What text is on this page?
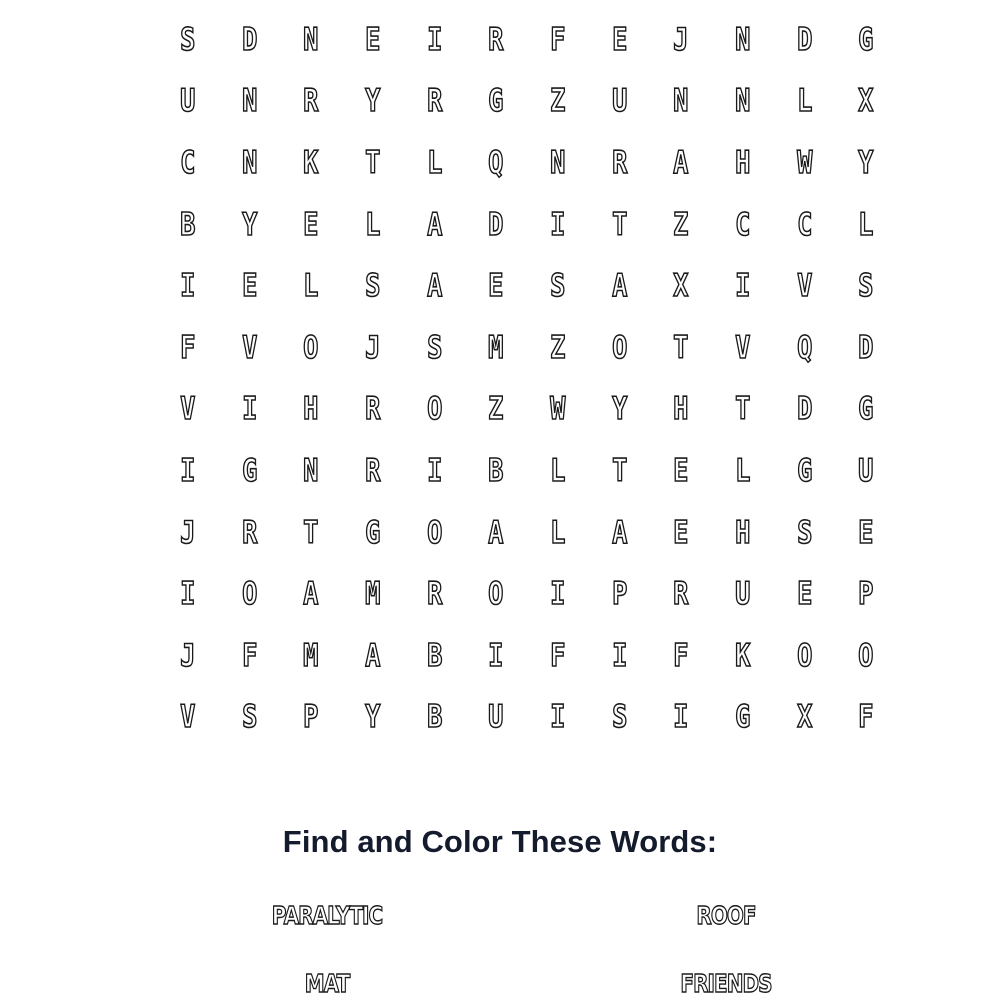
S	D	N	E	I	R	F	E	J	N	D	G
U	N	R	Y	R	G	Z	U	N	N	L	X
C	N	K	T	L	Q	N	R	A	H	W	Y
B	Y	E	L	A	D	I	T	Z	C	C	L
I	E	L	S	A	E	S	A	X	I	V	S
F	V	O	J	S	M	Z	O	T	V	Q	D
V	I	H	R	O	Z	W	Y	H	T	D	G
I	G	N	R	I	B	L	T	E	L	G	U
J	R	T	G	O	A	L	A	E	H	S	E
I	O	A	M	R	O	I	P	R	U	E	P
J	F	M	A	B	I	F	I	F	K	O	O
V	S	P	Y	B	U	I	S	I	G	X	F
Find and Color These Words:
PARALYTIC	ROOF
MAT	FRIENDS
